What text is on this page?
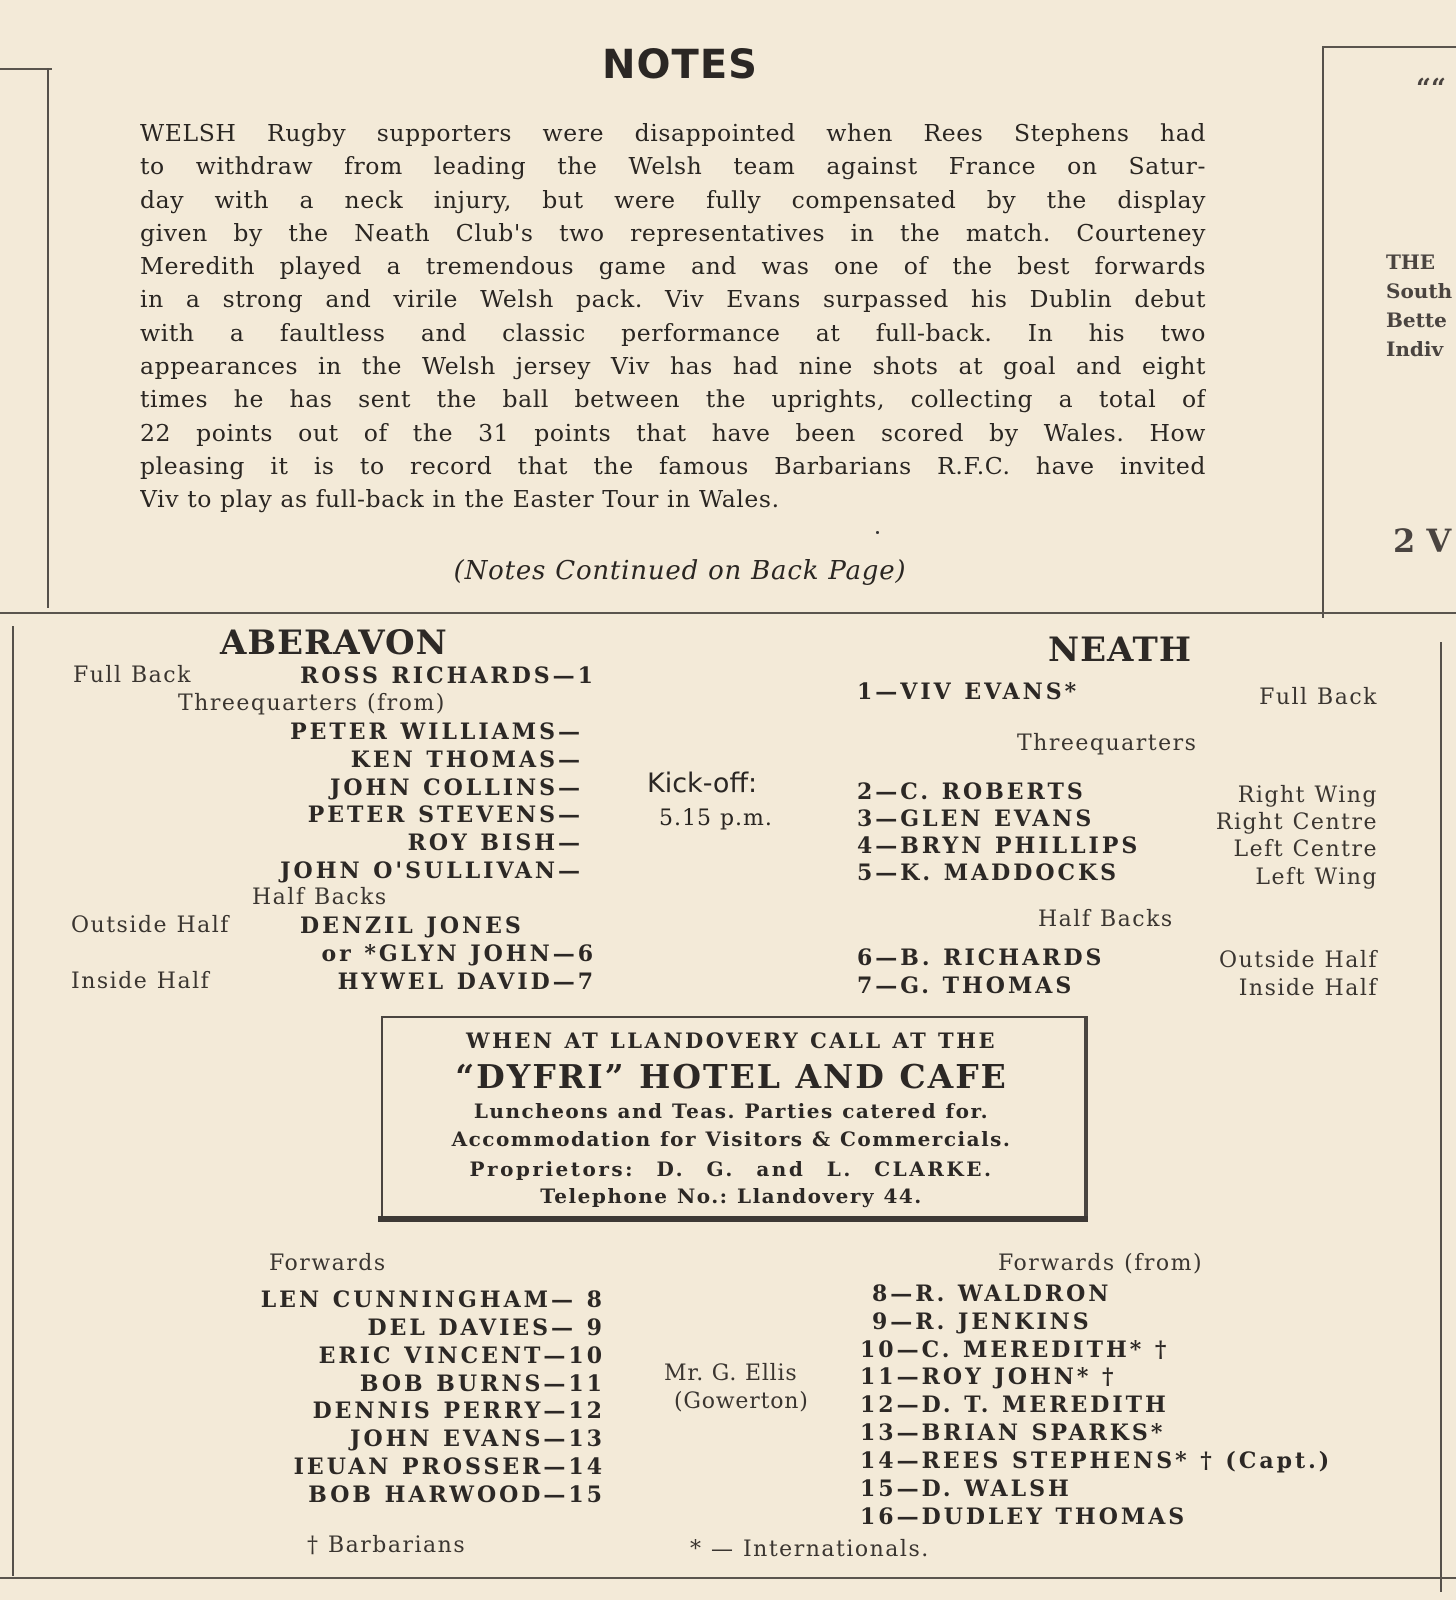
NOTES
WELSH Rugby supporters were disappointed when Rees Stephens had
to withdraw from leading the Welsh team against France on Satur-
day with a neck injury, but were fully compensated by the display
given by the Neath Club's two representatives in the match. Courteney
Meredith played a tremendous game and was one of the best forwards
in a strong and virile Welsh pack. Viv Evans surpassed his Dublin debut
with a faultless and classic performance at full-back. In his two
appearances in the Welsh jersey Viv has had nine shots at goal and eight
times he has sent the ball between the uprights, collecting a total of
22 points out of the 31 points that have been scored by Wales. How
pleasing it is to record that the famous Barbarians R.F.C. have invited
Viv to play as full-back in the Easter Tour in Wales.
(Notes Continued on Back Page)
““
THE
South
Bette
Indiv
2 V
ABERAVON
Full Back	ROSS RICHARDS—1
Threequarters (from)
PETER WILLIAMS—
KEN THOMAS—
JOHN COLLINS—
PETER STEVENS—
ROY BISH—
JOHN O'SULLIVAN—
Half Backs
Outside Half	DENZIL JONES
or *GLYN JOHN—6
Inside Half	HYWEL DAVID—7
Kick-off:
5.15 p.m.
NEATH
1—VIV EVANS*	Full Back
Threequarters
2—C. ROBERTS	Right Wing
3—GLEN EVANS	Right Centre
4—BRYN PHILLIPS	Left Centre
5—K. MADDOCKS	Left Wing
Half Backs
6—B. RICHARDS	Outside Half
7—G. THOMAS	Inside Half
WHEN AT LLANDOVERY CALL AT THE
“DYFRI” HOTEL AND CAFE
Luncheons and Teas. Parties catered for.
Accommodation for Visitors & Commercials.
Proprietors: D. G. and L. CLARKE.
Telephone No.: Llandovery 44.
Forwards
LEN CUNNINGHAM— 8
DEL DAVIES— 9
ERIC VINCENT—10
BOB BURNS—11
DENNIS PERRY—12
JOHN EVANS—13
IEUAN PROSSER—14
BOB HARWOOD—15
Mr. G. Ellis
(Gowerton)
Forwards (from)
8—R. WALDRON
9—R. JENKINS
10—C. MEREDITH* †
11—ROY JOHN* †
12—D. T. MEREDITH
13—BRIAN SPARKS*
14—REES STEPHENS* † (Capt.)
15—D. WALSH
16—DUDLEY THOMAS
† Barbarians	* — Internationals.
